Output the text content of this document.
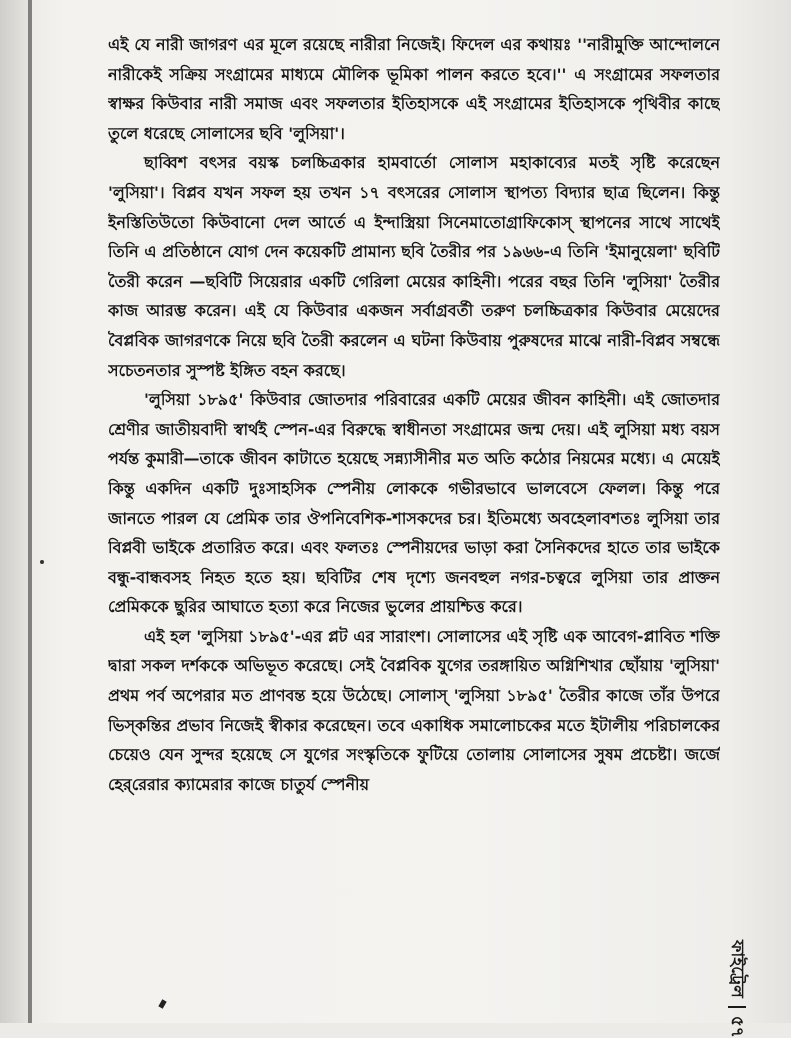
এই যে নারী জাগরণ এর মূলে রয়েছে নারীরা নিজেই। ফিদেল এর কথায়ঃ ''নারীমুক্তি আন্দোলনে নারীকেই সক্রিয় সংগ্রামের মাধ্যমে মৌলিক ভূমিকা পালন করতে হবে।'' এ সংগ্রামের সফলতার স্বাক্ষর কিউবার নারী সমাজ এবং সফলতার ইতিহাসকে এই সংগ্রামের ইতিহাসকে পৃথিবীর কাছে তুলে ধরেছে সোলাসের ছবি 'লুসিয়া'।

ছাব্বিশ বৎসর বয়স্ক চলচ্চিত্রকার হামবার্তো সোলাস মহাকাব্যের মতই সৃষ্টি করেছেন 'লুসিয়া'। বিপ্লব যখন সফল হয় তখন ১৭ বৎসরের সোলাস স্থাপত্য বিদ্যার ছাত্র ছিলেন। কিন্তু ইনস্তিতিউতো কিউবানো দেল আর্তে এ ইন্দাস্ত্রিয়া সিনেমাতোগ্রাফিকোস্ স্থাপনের সাথে সাথেই তিনি এ প্রতিষ্ঠানে যোগ দেন কয়েকটি প্রামান্য ছবি তৈরীর পর ১৯৬৬-এ তিনি 'ইমানুয়েলা' ছবিটি তৈরী করেন —ছবিটি সিয়েরার একটি গেরিলা মেয়ের কাহিনী। পরের বছর তিনি 'লুসিয়া' তৈরীর কাজ আরম্ভ করেন। এই যে কিউবার একজন সর্বাগ্রবর্তী তরুণ চলচ্চিত্রকার কিউবার মেয়েদের বৈপ্লবিক জাগরণকে নিয়ে ছবি তৈরী করলেন এ ঘটনা কিউবায় পুরুষদের মাঝে নারী-বিপ্লব সম্বন্ধে সচেতনতার সুস্পষ্ট ইঙ্গিত বহন করছে।

'লুসিয়া ১৮৯৫' কিউবার জোতদার পরিবারের একটি মেয়ের জীবন কাহিনী। এই জোতদার শ্রেণীর জাতীয়বাদী স্বার্থই স্পেন-এর বিরুদ্ধে স্বাধীনতা সংগ্রামের জন্ম দেয়। এই লুসিয়া মধ্য বয়স পর্যন্ত কুমারী—তাকে জীবন কাটাতে হয়েছে সন্ন্যাসীনীর মত অতি কঠোর নিয়মের মধ্যে। এ মেয়েই কিন্তু একদিন একটি দুঃসাহসিক স্পেনীয় লোককে গভীরভাবে ভালবেসে ফেলল। কিন্তু পরে জানতে পারল যে প্রেমিক তার ঔপনিবেশিক-শাসকদের চর। ইতিমধ্যে অবহেলাবশতঃ লুসিয়া তার বিপ্লবী ভাইকে প্রতারিত করে। এবং ফলতঃ স্পেনীয়দের ভাড়া করা সৈনিকদের হাতে তার ভাইকে বন্ধু-বান্ধবসহ নিহত হতে হয়। ছবিটির শেষ দৃশ্যে জনবহুল নগর-চত্বরে লুসিয়া তার প্রাক্তন প্রেমিককে ছুরির আঘাতে হত্যা করে নিজের ভুলের প্রায়শ্চিত্ত করে।

এই হল 'লুসিয়া ১৮৯৫'-এর প্লট এর সারাংশ। সোলাসের এই সৃষ্টি এক আবেগ-প্লাবিত শক্তি দ্বারা সকল দর্শককে অভিভূত করেছে। সেই বৈপ্লবিক যুগের তরঙ্গায়িত অগ্নিশিখার ছোঁয়ায় 'লুসিয়া' প্রথম পর্ব অপেরার মত প্রাণবন্ত হয়ে উঠেছে। সোলাস্ 'লুসিয়া ১৮৯৫' তৈরীর কাজে তাঁর উপরে ভিস্‌কন্তির প্রভাব নিজেই স্বীকার করেছেন। তবে একাধিক সমালোচকের মতে ইটালীয় পরিচালকের চেয়েও যেন সুন্দর হয়েছে সে যুগের সংস্কৃতিকে ফুটিয়ে তোলায় সোলাসের সুষম প্রচেষ্টা। জর্জে হের্‌রেরার ক্যামেরার কাজে চাতুর্য স্পেনীয়

ফাইট্রেল৫৭
